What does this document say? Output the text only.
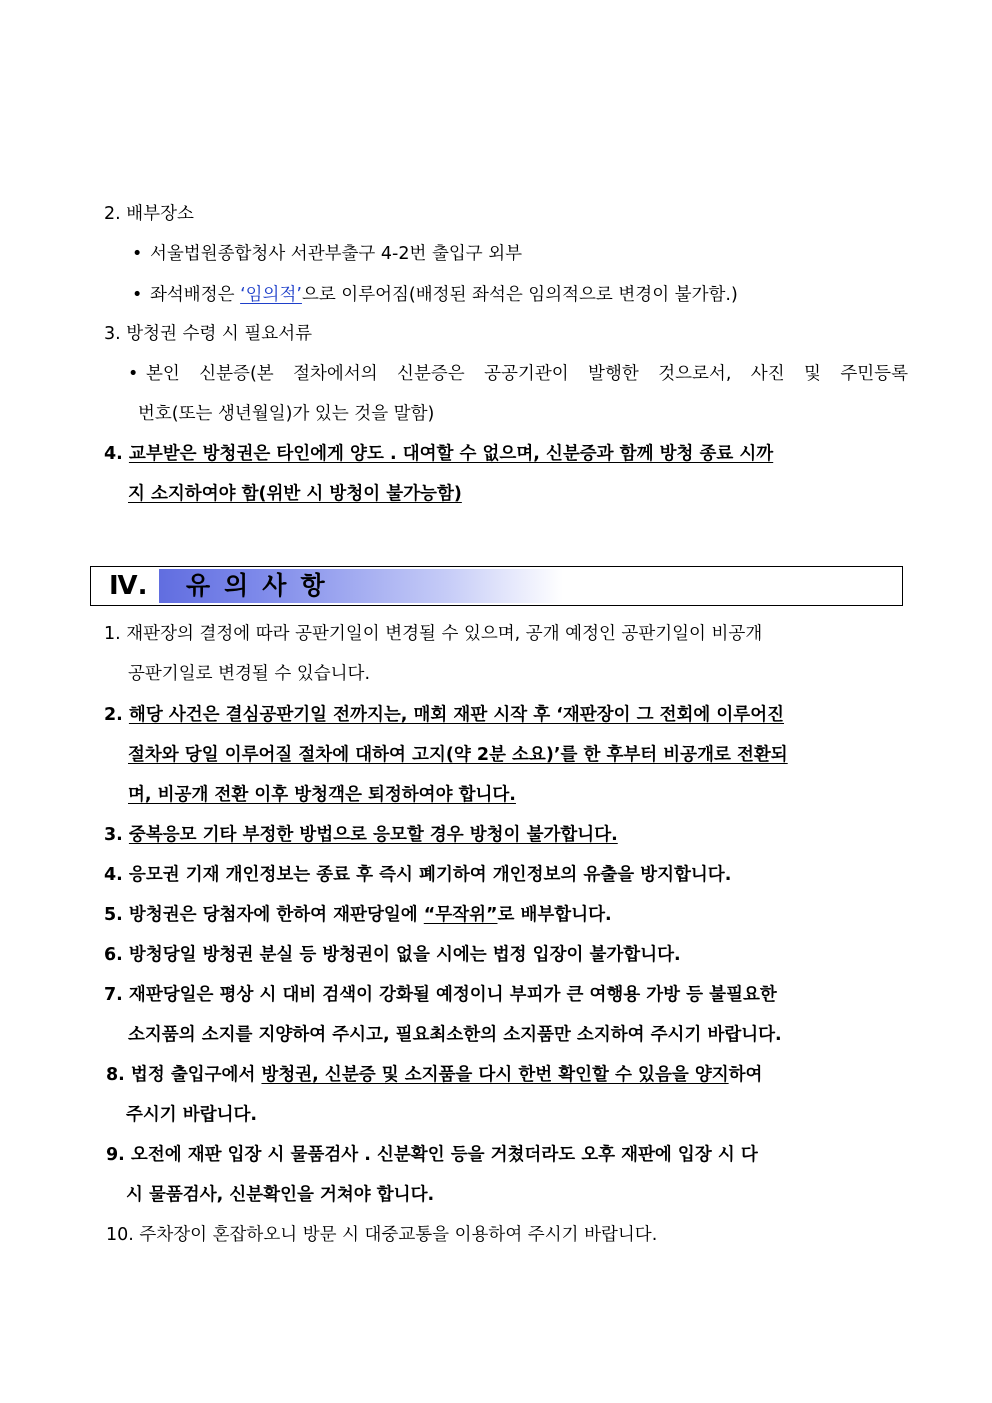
2. 배부장소
• 서울법원종합청사 서관부출구 4-2번 출입구 외부
• 좌석배정은 ‘임의적’으로 이루어짐(배정된 좌석은 임의적으로 변경이 불가함.)
3. 방청권 수령 시 필요서류
• 본인 신분증(본 절차에서의 신분증은 공공기관이 발행한 것으로서, 사진 및 주민등록
번호(또는 생년월일)가 있는 것을 말함)
4. 교부받은 방청권은 타인에게 양도 . 대여할 수 없으며, 신분증과 함께 방청 종료 시까
지 소지하여야 함(위반 시 방청이 불가능함)
Ⅳ.	유의사항
1. 재판장의 결정에 따라 공판기일이 변경될 수 있으며, 공개 예정인 공판기일이 비공개
공판기일로 변경될 수 있습니다.
2. 해당 사건은 결심공판기일 전까지는, 매회 재판 시작 후 ‘재판장이 그 전회에 이루어진
절차와 당일 이루어질 절차에 대하여 고지(약 2분 소요)’를 한 후부터 비공개로 전환되
며, 비공개 전환 이후 방청객은 퇴정하여야 합니다.
3. 중복응모 기타 부정한 방법으로 응모할 경우 방청이 불가합니다.
4. 응모권 기재 개인정보는 종료 후 즉시 폐기하여 개인정보의 유출을 방지합니다.
5. 방청권은 당첨자에 한하여 재판당일에 “무작위”로 배부합니다.
6. 방청당일 방청권 분실 등 방청권이 없을 시에는 법정 입장이 불가합니다.
7. 재판당일은 평상 시 대비 검색이 강화될 예정이니 부피가 큰 여행용 가방 등 불필요한
소지품의 소지를 지양하여 주시고, 필요최소한의 소지품만 소지하여 주시기 바랍니다.
8. 법정 출입구에서 방청권, 신분증 및 소지품을 다시 한번 확인할 수 있음을 양지하여
주시기 바랍니다.
9. 오전에 재판 입장 시 물품검사 . 신분확인 등을 거쳤더라도 오후 재판에 입장 시 다
시 물품검사, 신분확인을 거쳐야 합니다.
10. 주차장이 혼잡하오니 방문 시 대중교통을 이용하여 주시기 바랍니다.
